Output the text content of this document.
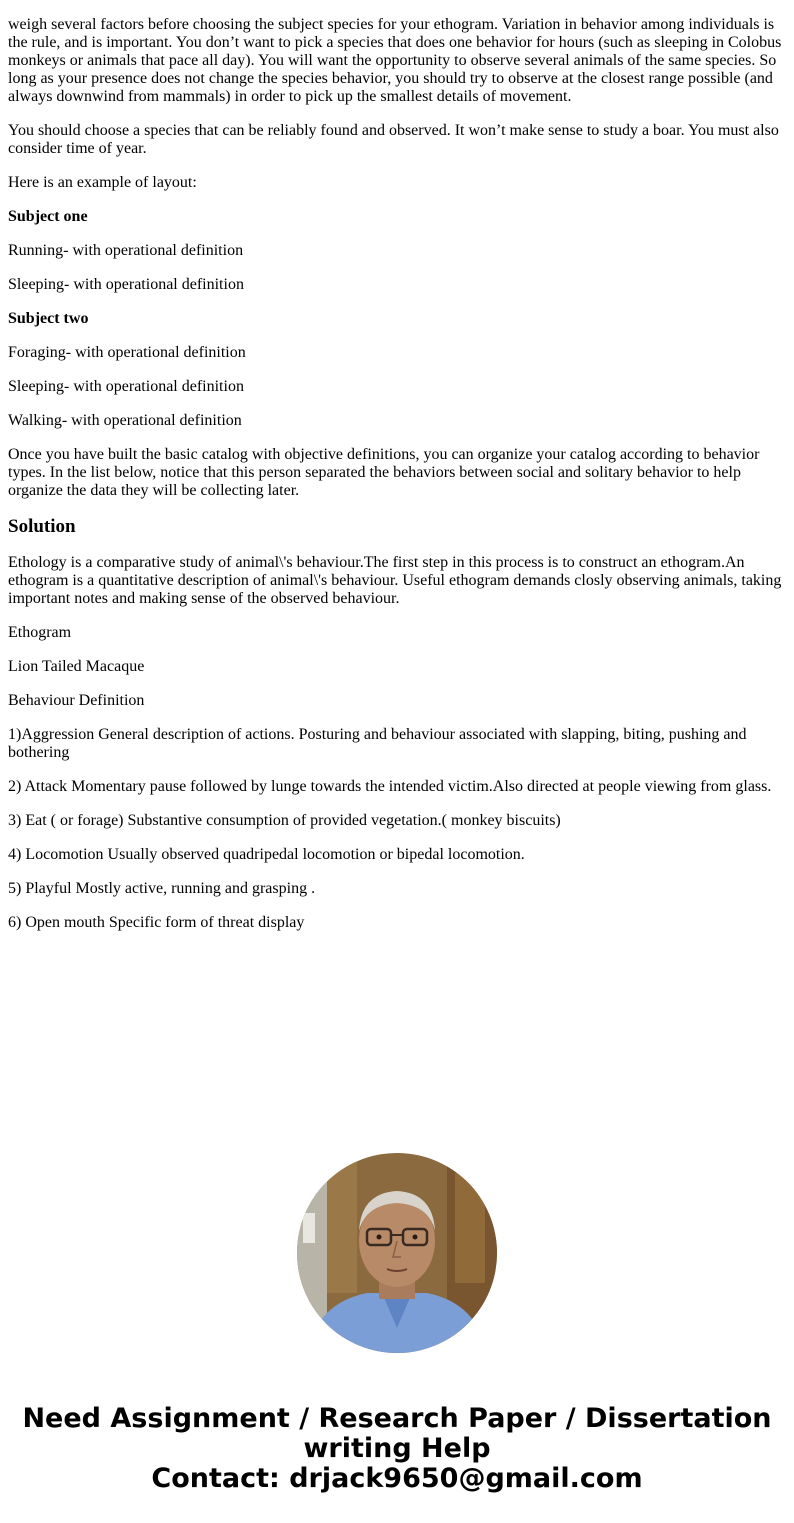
weigh several factors before choosing the subject species for your ethogram. Variation in behavior among individuals is the rule, and is important. You don’t want to pick a species that does one behavior for hours (such as sleeping in Colobus monkeys or animals that pace all day). You will want the opportunity to observe several animals of the same species. So long as your presence does not change the species behavior, you should try to observe at the closest range possible (and always downwind from mammals) in order to pick up the smallest details of movement.

You should choose a species that can be reliably found and observed. It won’t make sense to study a boar. You must also consider time of year.

Here is an example of layout:

Subject one

Running- with operational definition

Sleeping- with operational definition

Subject two

Foraging- with operational definition

Sleeping- with operational definition

Walking- with operational definition

Once you have built the basic catalog with objective definitions, you can organize your catalog according to behavior types. In the list below, notice that this person separated the behaviors between social and solitary behavior to help organize the data they will be collecting later.

Solution

Ethology is a comparative study of animal\'s behaviour.The first step in this process is to construct an ethogram.An ethogram is a quantitative description of animal\'s behaviour. Useful ethogram demands closly observing animals, taking important notes and making sense of the observed behaviour.

Ethogram

Lion Tailed Macaque

Behaviour Definition

1)Aggression General description of actions. Posturing and behaviour associated with slapping, biting, pushing and bothering

2) Attack Momentary pause followed by lunge towards the intended victim.Also directed at people viewing from glass.

3) Eat ( or forage) Substantive consumption of provided vegetation.( monkey biscuits)

4) Locomotion Usually observed quadripedal locomotion or bipedal locomotion.

5) Playful Mostly active, running and grasping .

6) Open mouth Specific form of threat display

Need Assignment / Research Paper / Dissertation
writing Help
Contact: drjack9650@gmail.com
